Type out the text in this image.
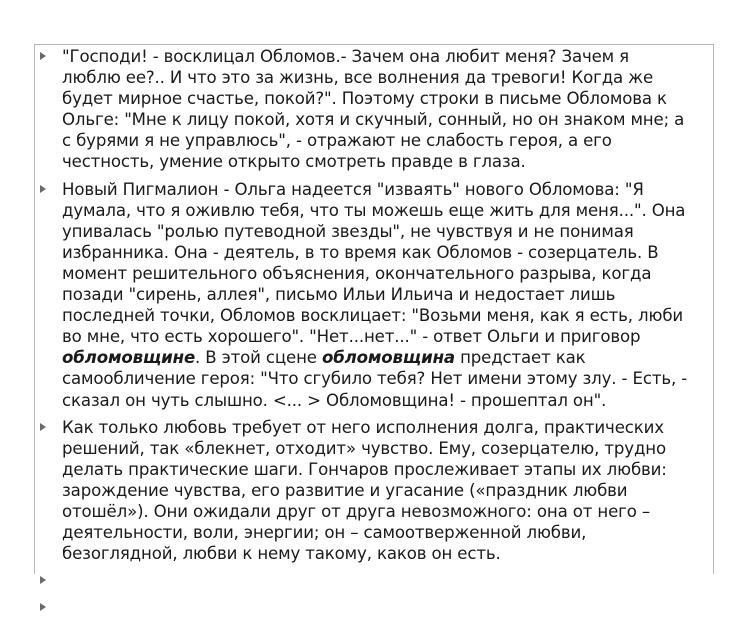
"Господи! - восклицал Обломов.- Зачем она любит меня? Зачем я
люблю ее?.. И что это за жизнь, все волнения да тревоги! Когда же
будет мирное счастье, покой?". Поэтому строки в письме Обломова к
Ольге: "Мне к лицу покой, хотя и скучный, сонный, но он знаком мне; а
с бурями я не управлюсь", - отражают не слабость героя, а его
честность, умение открыто смотреть правде в глаза.
Новый Пигмалион - Ольга надеется "изваять" нового Обломова: "Я
думала, что я оживлю тебя, что ты можешь еще жить для меня...". Она
упивалась "ролью путеводной звезды", не чувствуя и не понимая
избранника. Она - деятель, в то время как Обломов - созерцатель. В
момент решительного объяснения, окончательного разрыва, когда
позади "сирень, аллея", письмо Ильи Ильича и недостает лишь
последней точки, Обломов восклицает: "Возьми меня, как я есть, люби
во мне, что есть хорошего". "Нет...нет..." - ответ Ольги и приговор
обломовщине. В этой сцене обломовщина предстает как
самообличение героя: "Что сгубило тебя? Нет имени этому злу. - Есть, -
сказал он чуть слышно. <... > Обломовщина! - прошептал он".
Как только любовь требует от него исполнения долга, практических
решений, так «блекнет, отходит» чувство. Ему, созерцателю, трудно
делать практические шаги. Гончаров прослеживает этапы их любви:
зарождение чувства, его развитие и угасание («праздник любви
отошёл»). Они ожидали друг от друга невозможного: она от него –
деятельности, воли, энергии; он – самоотверженной любви,
безоглядной, любви к нему такому, каков он есть.
